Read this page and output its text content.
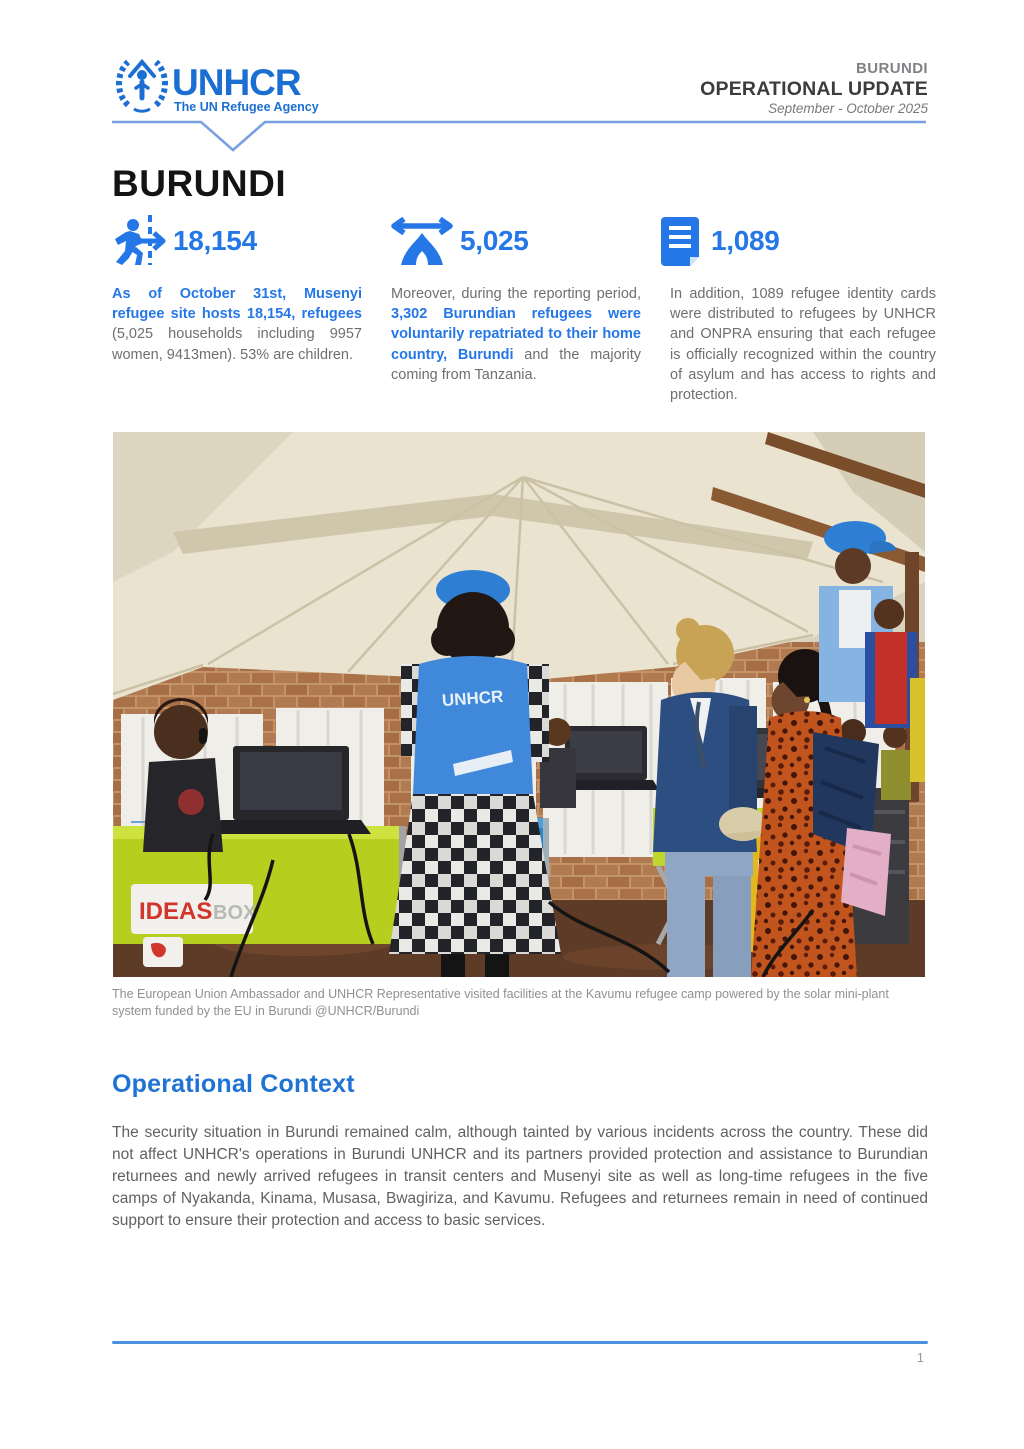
UNHCR
The UN Refugee Agency
BURUNDI
OPERATIONAL UPDATE
September - October 2025
BURUNDI
18,154	5,025	1,089
As of October 31st, Musenyi refugee site hosts 18,154, refugees (5,025 households including 9957 women, 9413men). 53% are children.
Moreover, during the reporting period, 3,302 Burundian refugees were voluntarily repatriated to their home country, Burundi and the majority coming from Tanzania.
In addition, 1089 refugee identity cards were distributed to refugees by UNHCR and ONPRA ensuring that each refugee is officially recognized within the country of asylum and has access to rights and protection.
IDEAS BOX
UNHCR
The European Union Ambassador and UNHCR Representative visited facilities at the Kavumu refugee camp powered by the solar mini-plant system funded by the EU in Burundi @UNHCR/Burundi
Operational Context
The security situation in Burundi remained calm, although tainted by various incidents across the country. These did not affect UNHCR's operations in Burundi UNHCR and its partners provided protection and assistance to Burundian returnees and newly arrived refugees in transit centers and Musenyi site as well as long-time refugees in the five camps of Nyakanda, Kinama, Musasa, Bwagiriza, and Kavumu. Refugees and returnees remain in need of continued support to ensure their protection and access to basic services.
1
